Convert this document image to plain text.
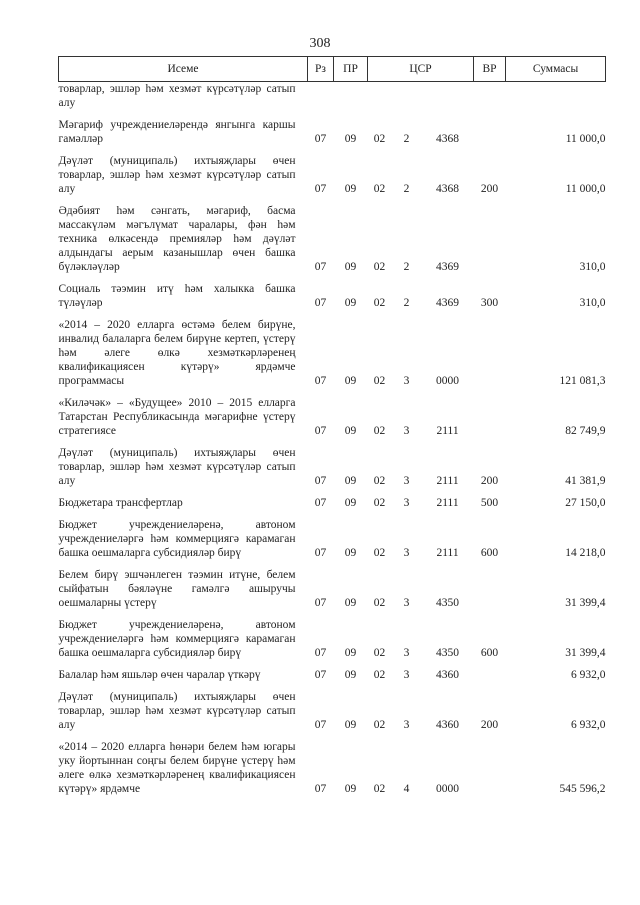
308
Исеме	Рз	ПР	ЦСР			ВР	Суммасы

товарлар, эшләр һәм хезмәт күрсәтүләр сатып алу							

Мәгариф учреждениеләрендә янгынга каршы гамәлләр	07	09	02	2	4368		11 000,0

Дәүләт (муниципаль) ихтыяҗлары өчен товарлар, эшләр һәм хезмәт күрсәтүләр сатып алу	07	09	02	2	4368	200	11 000,0

Әдәбият һәм сәнгать, мәгариф, басма массакүләм мәгълүмат чаралары, фән һәм техника өлкәсендә премияләр һәм дәүләт алдындагы аерым казанышлар өчен башка бүләкләүләр	07	09	02	2	4369		310,0

Социаль тәэмин итү һәм халыкка башка түләүләр	07	09	02	2	4369	300	310,0

«2014 – 2020 елларга өстәмә белем бирүне, инвалид балаларга белем бирүне кертеп, үстерү һәм әлеге өлкә хезмәткәрләренең квалификациясен күтәрү» ярдәмче программасы	07	09	02	3	0000		121 081,3

«Киләчәк» – «Будущее» 2010 – 2015 елларга Татарстан Республикасында мәгарифне үстерү стратегиясе	07	09	02	3	2111		82 749,9

Дәүләт (муниципаль) ихтыяҗлары өчен товарлар, эшләр һәм хезмәт күрсәтүләр сатып алу	07	09	02	3	2111	200	41 381,9

Бюджетара трансфертлар	07	09	02	3	2111	500	27 150,0

Бюджет учреждениеләренә, автоном учреждениеләргә һәм коммерциягә карамаган башка оешмаларга субсидияләр бирү	07	09	02	3	2111	600	14 218,0

Белем бирү эшчәнлеген тәэмин итүне, белем сыйфатын бәяләүне гамәлгә ашыручы оешмаларны үстерү	07	09	02	3	4350		31 399,4

Бюджет учреждениеләренә, автоном учреждениеләргә һәм коммерциягә карамаган башка оешмаларга субсидияләр бирү	07	09	02	3	4350	600	31 399,4

Балалар һәм яшьләр өчен чаралар үткәрү	07	09	02	3	4360		6 932,0

Дәүләт (муниципаль) ихтыяҗлары өчен товарлар, эшләр һәм хезмәт күрсәтүләр сатып алу	07	09	02	3	4360	200	6 932,0

«2014 – 2020 елларга һөнәри белем һәм югары уку йортыннан соңгы белем бирүне үстерү һәм әлеге өлкә хезмәткәрләренең квалификациясен күтәрү» ярдәмче	07	09	02	4	0000		545 596,2
